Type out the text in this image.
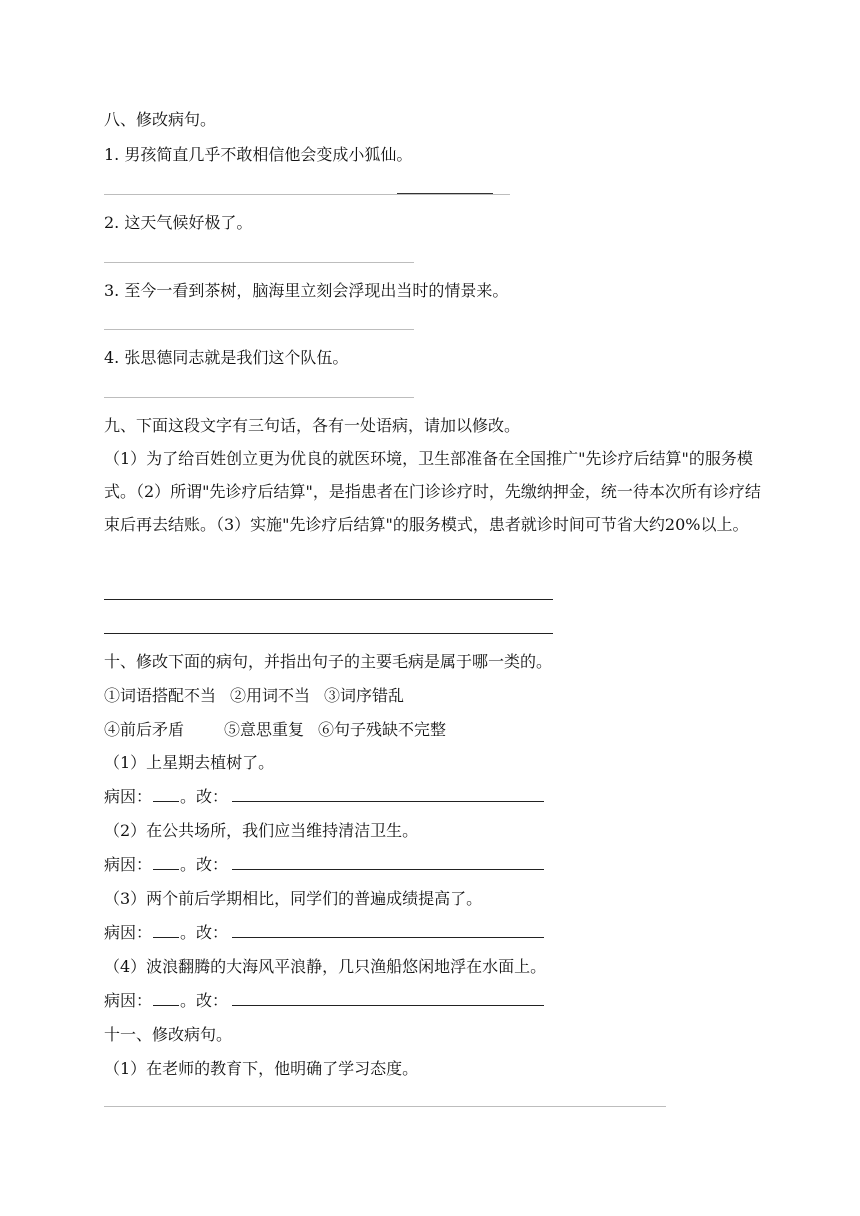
八、修改病句。
1. 男孩简直几乎不敢相信他会变成小狐仙。
2. 这天气候好极了。
3. 至今一看到茶树，脑海里立刻会浮现出当时的情景来。
4. 张思德同志就是我们这个队伍。
九、下面这段文字有三句话，各有一处语病，请加以修改。
（1）为了给百姓创立更为优良的就医环境，卫生部准备在全国推广"先诊疗后结算"的服务模式。（2）所谓"先诊疗后结算"，是指患者在门诊诊疗时，先缴纳押金，统一待本次所有诊疗结束后再去结账。（3）实施"先诊疗后结算"的服务模式，患者就诊时间可节省大约20%以上。
十、修改下面的病句，并指出句子的主要毛病是属于哪一类的。
①词语搭配不当 ②用词不当 ③词序错乱
④前后矛盾	⑤意思重复 ⑥句子残缺不完整
（1）上星期去植树了。
病因： 。改：
（2）在公共场所，我们应当维持清洁卫生。
病因： 。改：
（3）两个前后学期相比，同学们的普遍成绩提高了。
病因： 。改：
（4）波浪翻腾的大海风平浪静，几只渔船悠闲地浮在水面上。
病因： 。改：
十一、修改病句。
（1）在老师的教育下，他明确了学习态度。
